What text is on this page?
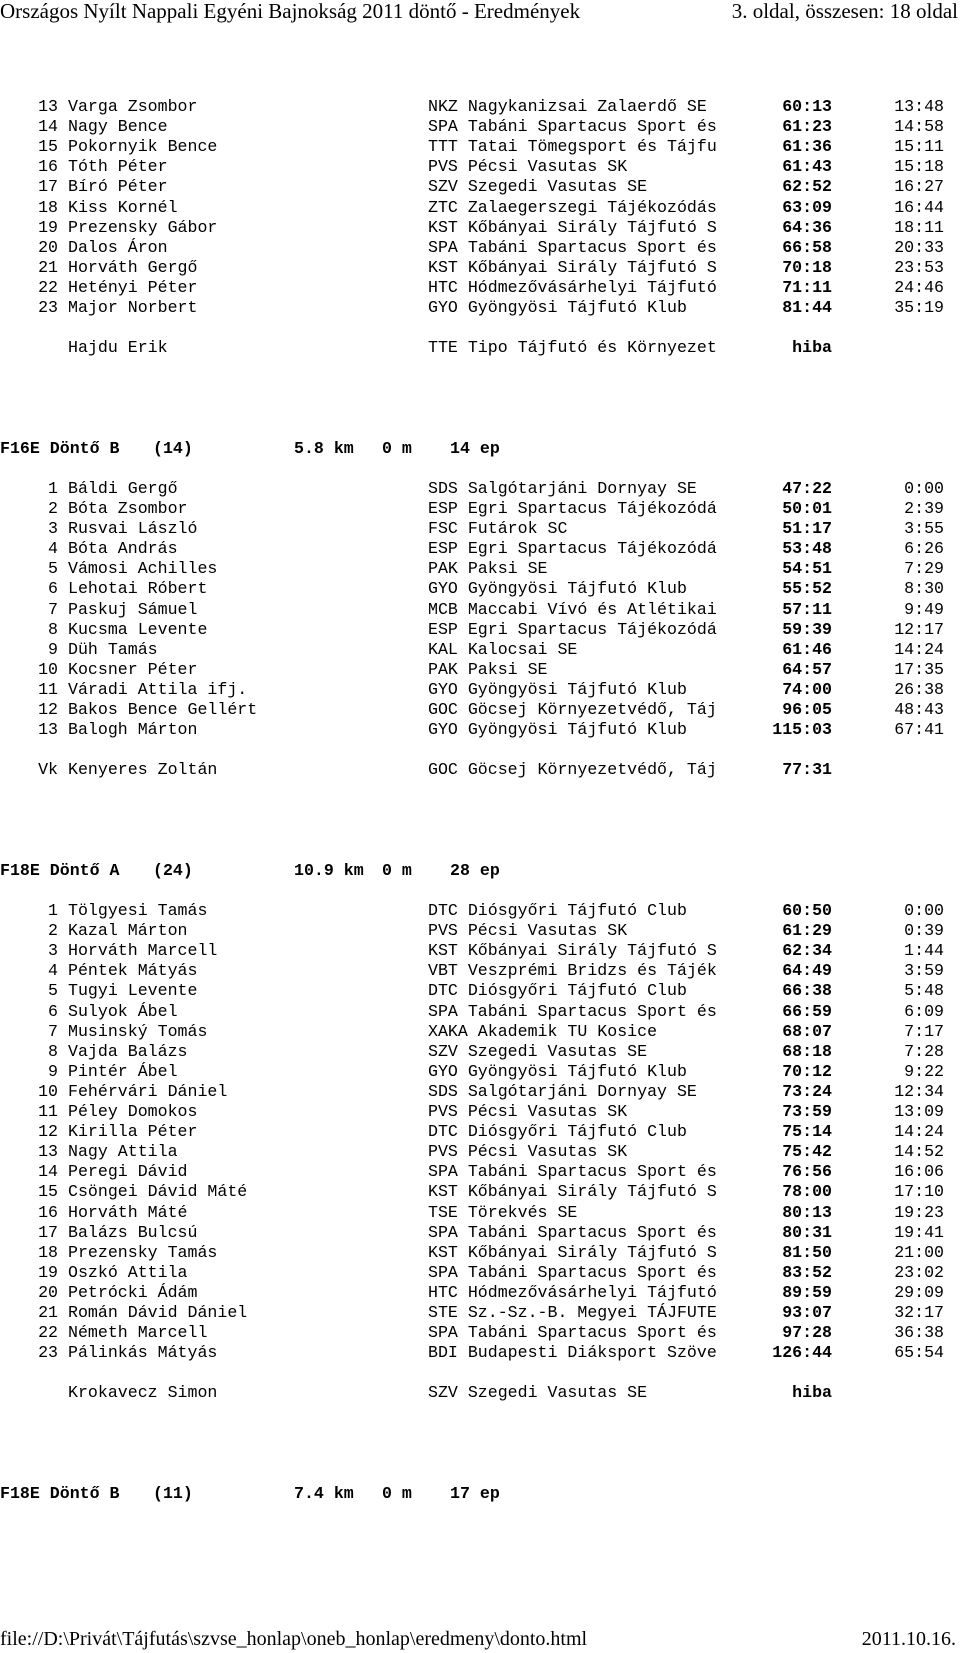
Országos Nyílt Nappali Egyéni Bajnokság 2011 döntő - Eredmények	3. oldal, összesen: 18 oldal
13 Varga Zsombor	NKZ Nagykanizsai Zalaerdő SE	60:13	13:48
14 Nagy Bence	SPA Tabáni Spartacus Sport és	61:23	14:58
15 Pokornyik Bence	TTT Tatai Tömegsport és Tájfu	61:36	15:11
16 Tóth Péter	PVS Pécsi Vasutas SK	61:43	15:18
17 Bíró Péter	SZV Szegedi Vasutas SE	62:52	16:27
18 Kiss Kornél	ZTC Zalaegerszegi Tájékozódás	63:09	16:44
19 Prezensky Gábor	KST Kőbányai Sirály Tájfutó S	64:36	18:11
20 Dalos Áron	SPA Tabáni Spartacus Sport és	66:58	20:33
21 Horváth Gergő	KST Kőbányai Sirály Tájfutó S	70:18	23:53
22 Hetényi Péter	HTC Hódmezővásárhelyi Tájfutó	71:11	24:46
23 Major Norbert	GYO Gyöngyösi Tájfutó Klub	81:44	35:19
Hajdu Erik	TTE Tipo Tájfutó és Környezet	hiba
F16E Döntő B (14)	5.8 km 0 m 14 ep
1 Báldi Gergő	SDS Salgótarjáni Dornyay SE	47:22	0:00
2 Bóta Zsombor	ESP Egri Spartacus Tájékozódá	50:01	2:39
3 Rusvai László	FSC Futárok SC	51:17	3:55
4 Bóta András	ESP Egri Spartacus Tájékozódá	53:48	6:26
5 Vámosi Achilles	PAK Paksi SE	54:51	7:29
6 Lehotai Róbert	GYO Gyöngyösi Tájfutó Klub	55:52	8:30
7 Paskuj Sámuel	MCB Maccabi Vívó és Atlétikai	57:11	9:49
8 Kucsma Levente	ESP Egri Spartacus Tájékozódá	59:39	12:17
9 Düh Tamás	KAL Kalocsai SE	61:46	14:24
10 Kocsner Péter	PAK Paksi SE	64:57	17:35
11 Váradi Attila ifj.	GYO Gyöngyösi Tájfutó Klub	74:00	26:38
12 Bakos Bence Gellért	GOC Göcsej Környezetvédő, Táj	96:05	48:43
13 Balogh Márton	GYO Gyöngyösi Tájfutó Klub	115:03	67:41
Vk Kenyeres Zoltán	GOC Göcsej Környezetvédő, Táj	77:31
F18E Döntő A (24)	10.9 km 0 m 28 ep
1 Tölgyesi Tamás	DTC Diósgyőri Tájfutó Club	60:50	0:00
2 Kazal Márton	PVS Pécsi Vasutas SK	61:29	0:39
3 Horváth Marcell	KST Kőbányai Sirály Tájfutó S	62:34	1:44
4 Péntek Mátyás	VBT Veszprémi Bridzs és Tájék	64:49	3:59
5 Tugyi Levente	DTC Diósgyőri Tájfutó Club	66:38	5:48
6 Sulyok Ábel	SPA Tabáni Spartacus Sport és	66:59	6:09
7 Musinský Tomás	XAKA Akademik TU Kosice	68:07	7:17
8 Vajda Balázs	SZV Szegedi Vasutas SE	68:18	7:28
9 Pintér Ábel	GYO Gyöngyösi Tájfutó Klub	70:12	9:22
10 Fehérvári Dániel	SDS Salgótarjáni Dornyay SE	73:24	12:34
11 Péley Domokos	PVS Pécsi Vasutas SK	73:59	13:09
12 Kirilla Péter	DTC Diósgyőri Tájfutó Club	75:14	14:24
13 Nagy Attila	PVS Pécsi Vasutas SK	75:42	14:52
14 Peregi Dávid	SPA Tabáni Spartacus Sport és	76:56	16:06
15 Csöngei Dávid Máté	KST Kőbányai Sirály Tájfutó S	78:00	17:10
16 Horváth Máté	TSE Törekvés SE	80:13	19:23
17 Balázs Bulcsú	SPA Tabáni Spartacus Sport és	80:31	19:41
18 Prezensky Tamás	KST Kőbányai Sirály Tájfutó S	81:50	21:00
19 Oszkó Attila	SPA Tabáni Spartacus Sport és	83:52	23:02
20 Petrócki Ádám	HTC Hódmezővásárhelyi Tájfutó	89:59	29:09
21 Román Dávid Dániel	STE Sz.-Sz.-B. Megyei TÁJFUTE	93:07	32:17
22 Németh Marcell	SPA Tabáni Spartacus Sport és	97:28	36:38
23 Pálinkás Mátyás	BDI Budapesti Diáksport Szöve	126:44	65:54
Krokavecz Simon	SZV Szegedi Vasutas SE	hiba
F18E Döntő B (11)	7.4 km 0 m 17 ep
file://D:\Privát\Tájfutás\szvse_honlap\oneb_honlap\eredmeny\donto.html	2011.10.16.
